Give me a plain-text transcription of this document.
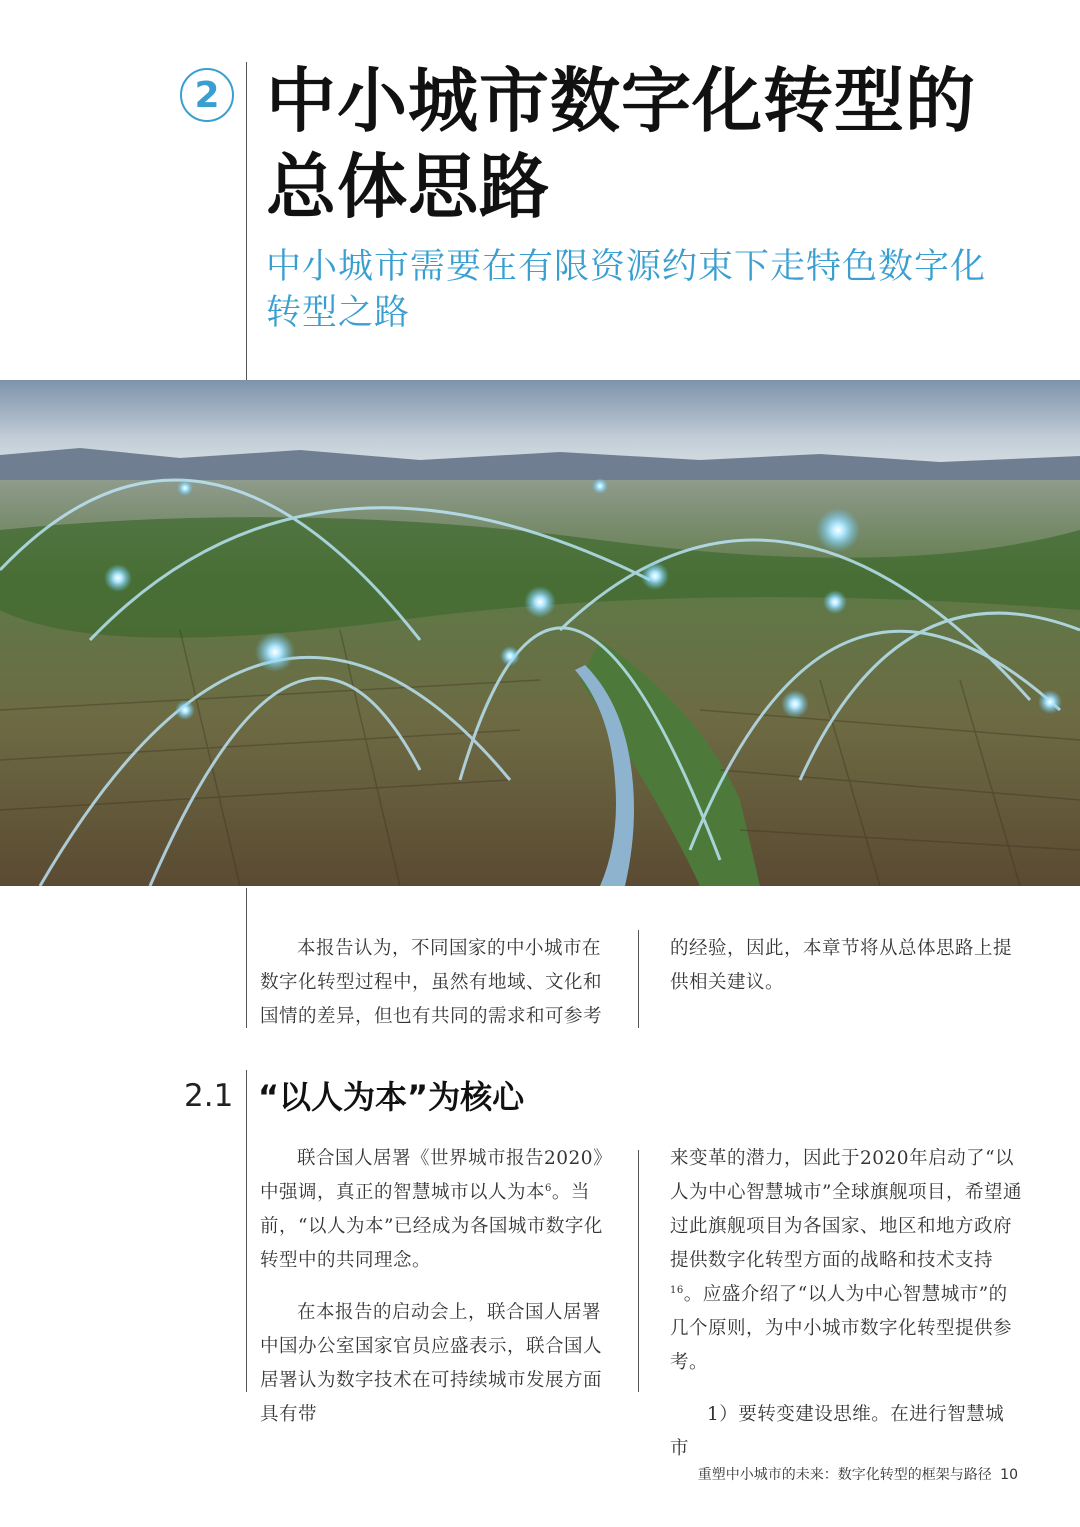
2 中小城市数字化转型的
总体思路
中小城市需要在有限资源约束下走特色数字化
转型之路

本报告认为，不同国家的中小城市在数字化转型过程中，虽然有地域、文化和国情的差异，但也有共同的需求和可参考

的经验，因此，本章节将从总体思路上提供相关建议。

2.1 “以人为本”为核心

联合国人居署《世界城市报告2020》中强调，真正的智慧城市以人为本$^6$。当前，“以人为本”已经成为各国城市数字化转型中的共同理念。

在本报告的启动会上，联合国人居署中国办公室国家官员应盛表示，联合国人居署认为数字技术在可持续城市发展方面具有带

来变革的潜力，因此于2020年启动了“以人为中心智慧城市”全球旗舰项目，希望通过此旗舰项目为各国家、地区和地方政府提供数字化转型方面的战略和技术支持$^{16}$。应盛介绍了“以人为中心智慧城市”的几个原则，为中小城市数字化转型提供参考。

1）要转变建设思维。在进行智慧城市

重塑中小城市的未来：数字化转型的框架与路径 10
